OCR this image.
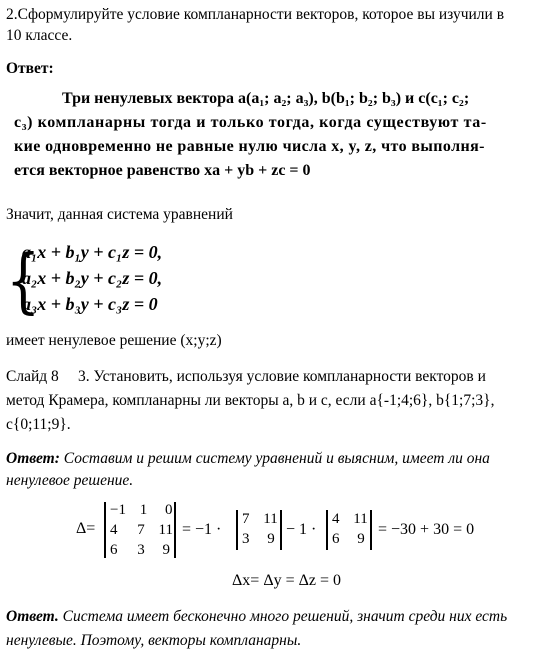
2.Сформулируйте условие компланарности векторов, которое вы изучили в
10 классе.
Ответ:
Три ненулевых вектора a(a₁; a₂; a₃), b(b₁; b₂; b₃) и c(c₁; c₂;
c₃) компланарны тогда и только тогда, когда существуют та-
кие одновременно не равные нулю числа x, y, z, что выполня-
ется векторное равенство xa + yb + zc = 0
Значит, данная система уравнений
{
a₁x + b₁y + c₁z = 0,
a₂x + b₂y + c₂z = 0,
a₃x + b₃y + c₃z = 0
имеет ненулевое решение (x;y;z)
Слайд 8 3. Установить, используя условие компланарности векторов и
метод Крамера, компланарны ли векторы a, b и c, если a{-1;4;6}, b{1;7;3},
c{0;11;9}.
Ответ: Составим и решим систему уравнений и выясним, имеет ли она
ненулевое решение.
Δ=
−1 1 0
4 7 11
6 3 9
= −1 ·
7 11
3 9
− 1 ·
4 11
6 9
= −30 + 30 = 0
Δx= Δy = Δz = 0
Ответ. Система имеет бесконечно много решений, значит среди них есть
ненулевые. Поэтому, векторы компланарны.
